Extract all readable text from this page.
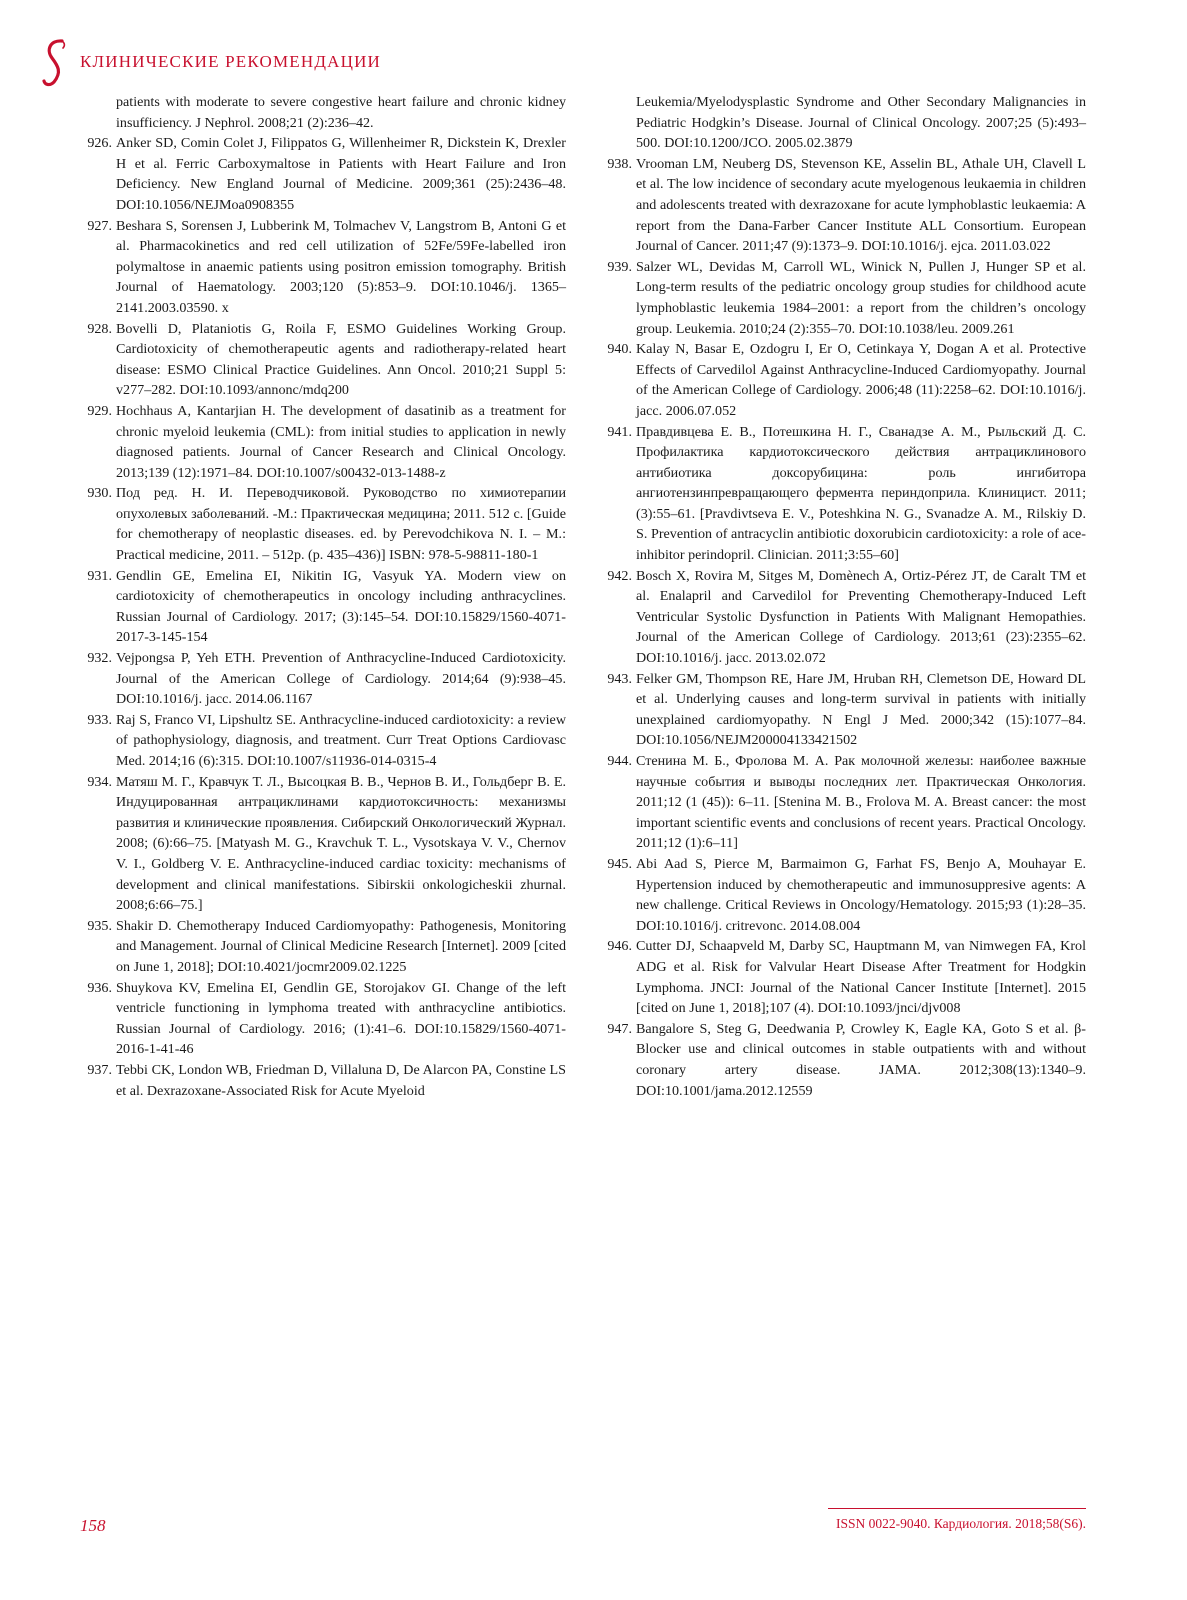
КЛИНИЧЕСКИЕ РЕКОМЕНДАЦИИ

patients with moderate to severe congestive heart failure and chronic kidney insufficiency. J Nephrol. 2008;21 (2):236–42.

926. Anker SD, Comin Colet J, Filippatos G, Willenheimer R, Dickstein K, Drexler H et al. Ferric Carboxymaltose in Patients with Heart Failure and Iron Deficiency. New England Journal of Medicine. 2009;361 (25):2436–48. DOI:10.1056/NEJMoa0908355
927. Beshara S, Sorensen J, Lubberink M, Tolmachev V, Langstrom B, Antoni G et al. Pharmacokinetics and red cell utilization of 52Fe/59Fe-labelled iron polymaltose in anaemic patients using positron emission tomography. British Journal of Haematology. 2003;120 (5):853–9. DOI:10.1046/j. 1365–2141.2003.03590. x
928. Bovelli D, Plataniotis G, Roila F, ESMO Guidelines Working Group. Cardiotoxicity of chemotherapeutic agents and radiotherapy-related heart disease: ESMO Clinical Practice Guidelines. Ann Oncol. 2010;21 Suppl 5: v277–282. DOI:10.1093/annonc/mdq200
929. Hochhaus A, Kantarjian H. The development of dasatinib as a treatment for chronic myeloid leukemia (CML): from initial studies to application in newly diagnosed patients. Journal of Cancer Research and Clinical Oncology. 2013;139 (12):1971–84. DOI:10.1007/s00432-013-1488-z
930. Под ред. Н. И. Переводчиковой. Руководство по химиотерапии опухолевых заболеваний. -М.: Практическая медицина; 2011. 512 с. [Guide for chemotherapy of neoplastic diseases. ed. by Perevodchikova N. I. – M.: Practical medicine, 2011. – 512p. (p. 435–436)] ISBN: 978-5-98811-180-1
931. Gendlin GE, Emelina EI, Nikitin IG, Vasyuk YA. Modern view on cardiotoxicity of chemotherapeutics in oncology including anthracyclines. Russian Journal of Cardiology. 2017; (3):145–54. DOI:10.15829/1560-4071-2017-3-145-154
932. Vejpongsa P, Yeh ETH. Prevention of Anthracycline-Induced Cardiotoxicity. Journal of the American College of Cardiology. 2014;64 (9):938–45. DOI:10.1016/j. jacc. 2014.06.1167
933. Raj S, Franco VI, Lipshultz SE. Anthracycline-induced cardiotoxicity: a review of pathophysiology, diagnosis, and treatment. Curr Treat Options Cardiovasc Med. 2014;16 (6):315. DOI:10.1007/s11936-014-0315-4
934. Матяш М. Г., Кравчук Т. Л., Высоцкая В. В., Чернов В. И., Гольдберг В. Е. Индуцированная антрациклинами кардиотоксичность: механизмы развития и клинические проявления. Сибирский Онкологический Журнал. 2008; (6):66–75. [Matyash M. G., Kravchuk T. L., Vysotskaya V. V., Chernov V. I., Goldberg V. E. Anthracycline-induced cardiac toxicity: mechanisms of development and clinical manifestations. Sibirskii onkologicheskii zhurnal. 2008;6:66–75.]
935. Shakir D. Chemotherapy Induced Cardiomyopathy: Pathogenesis, Monitoring and Management. Journal of Clinical Medicine Research [Internet]. 2009 [cited on June 1, 2018]; DOI:10.4021/jocmr2009.02.1225
936. Shuykova KV, Emelina EI, Gendlin GE, Storojakov GI. Change of the left ventricle functioning in lymphoma treated with anthracycline antibiotics. Russian Journal of Cardiology. 2016; (1):41–6. DOI:10.15829/1560-4071-2016-1-41-46
937. Tebbi CK, London WB, Friedman D, Villaluna D, De Alarcon PA, Constine LS et al. Dexrazoxane-Associated Risk for Acute Myeloid

Leukemia/Myelodysplastic Syndrome and Other Secondary Malignancies in Pediatric Hodgkin’s Disease. Journal of Clinical Oncology. 2007;25 (5):493–500. DOI:10.1200/JCO. 2005.02.3879

938. Vrooman LM, Neuberg DS, Stevenson KE, Asselin BL, Athale UH, Clavell L et al. The low incidence of secondary acute myelogenous leukaemia in children and adolescents treated with dexrazoxane for acute lymphoblastic leukaemia: A report from the Dana-Farber Cancer Institute ALL Consortium. European Journal of Cancer. 2011;47 (9):1373–9. DOI:10.1016/j. ejca. 2011.03.022
939. Salzer WL, Devidas M, Carroll WL, Winick N, Pullen J, Hunger SP et al. Long-term results of the pediatric oncology group studies for childhood acute lymphoblastic leukemia 1984–2001: a report from the children’s oncology group. Leukemia. 2010;24 (2):355–70. DOI:10.1038/leu. 2009.261
940. Kalay N, Basar E, Ozdogru I, Er O, Cetinkaya Y, Dogan A et al. Protective Effects of Carvedilol Against Anthracycline-Induced Cardiomyopathy. Journal of the American College of Cardiology. 2006;48 (11):2258–62. DOI:10.1016/j. jacc. 2006.07.052
941. Правдивцева Е. В., Потешкина Н. Г., Сванадзе А. М., Рыльский Д. С. Профилактика кардиотоксического действия антрациклинового антибиотика доксорубицина: роль ингибитора ангиотензинпревращающего фермента периндоприла. Клиницист. 2011; (3):55–61. [Pravdivtseva E. V., Poteshkina N. G., Svanadze A. M., Rilskiy D. S. Prevention of antracyclin antibiotic doxorubicin cardiotoxicity: a role of ace-inhibitor perindopril. Clinician. 2011;3:55–60]
942. Bosch X, Rovira M, Sitges M, Domènech A, Ortiz-Pérez JT, de Caralt TM et al. Enalapril and Carvedilol for Preventing Chemotherapy-Induced Left Ventricular Systolic Dysfunction in Patients With Malignant Hemopathies. Journal of the American College of Cardiology. 2013;61 (23):2355–62. DOI:10.1016/j. jacc. 2013.02.072
943. Felker GM, Thompson RE, Hare JM, Hruban RH, Clemetson DE, Howard DL et al. Underlying causes and long-term survival in patients with initially unexplained cardiomyopathy. N Engl J Med. 2000;342 (15):1077–84. DOI:10.1056/NEJM200004133421502
944. Стенина М. Б., Фролова М. А. Рак молочной железы: наиболее важные научные события и выводы последних лет. Практическая Онкология. 2011;12 (1 (45)): 6–11. [Stenina M. B., Frolova M. A. Breast cancer: the most important scientific events and conclusions of recent years. Practical Oncology. 2011;12 (1):6–11]
945. Abi Aad S, Pierce M, Barmaimon G, Farhat FS, Benjo A, Mouhayar E. Hypertension induced by chemotherapeutic and immunosuppresive agents: A new challenge. Critical Reviews in Oncology/Hematology. 2015;93 (1):28–35. DOI:10.1016/j. critrevonc. 2014.08.004
946. Cutter DJ, Schaapveld M, Darby SC, Hauptmann M, van Nimwegen FA, Krol ADG et al. Risk for Valvular Heart Disease After Treatment for Hodgkin Lymphoma. JNCI: Journal of the National Cancer Institute [Internet]. 2015 [cited on June 1, 2018];107 (4). DOI:10.1093/jnci/djv008
947. Bangalore S, Steg G, Deedwania P, Crowley K, Eagle KA, Goto S et al. β-Blocker use and clinical outcomes in stable outpatients with and without coronary artery disease. JAMA. 2012;308(13):1340–9. DOI:10.1001/jama.2012.12559
158	ISSN 0022-9040. Кардиология. 2018;58(S6).
